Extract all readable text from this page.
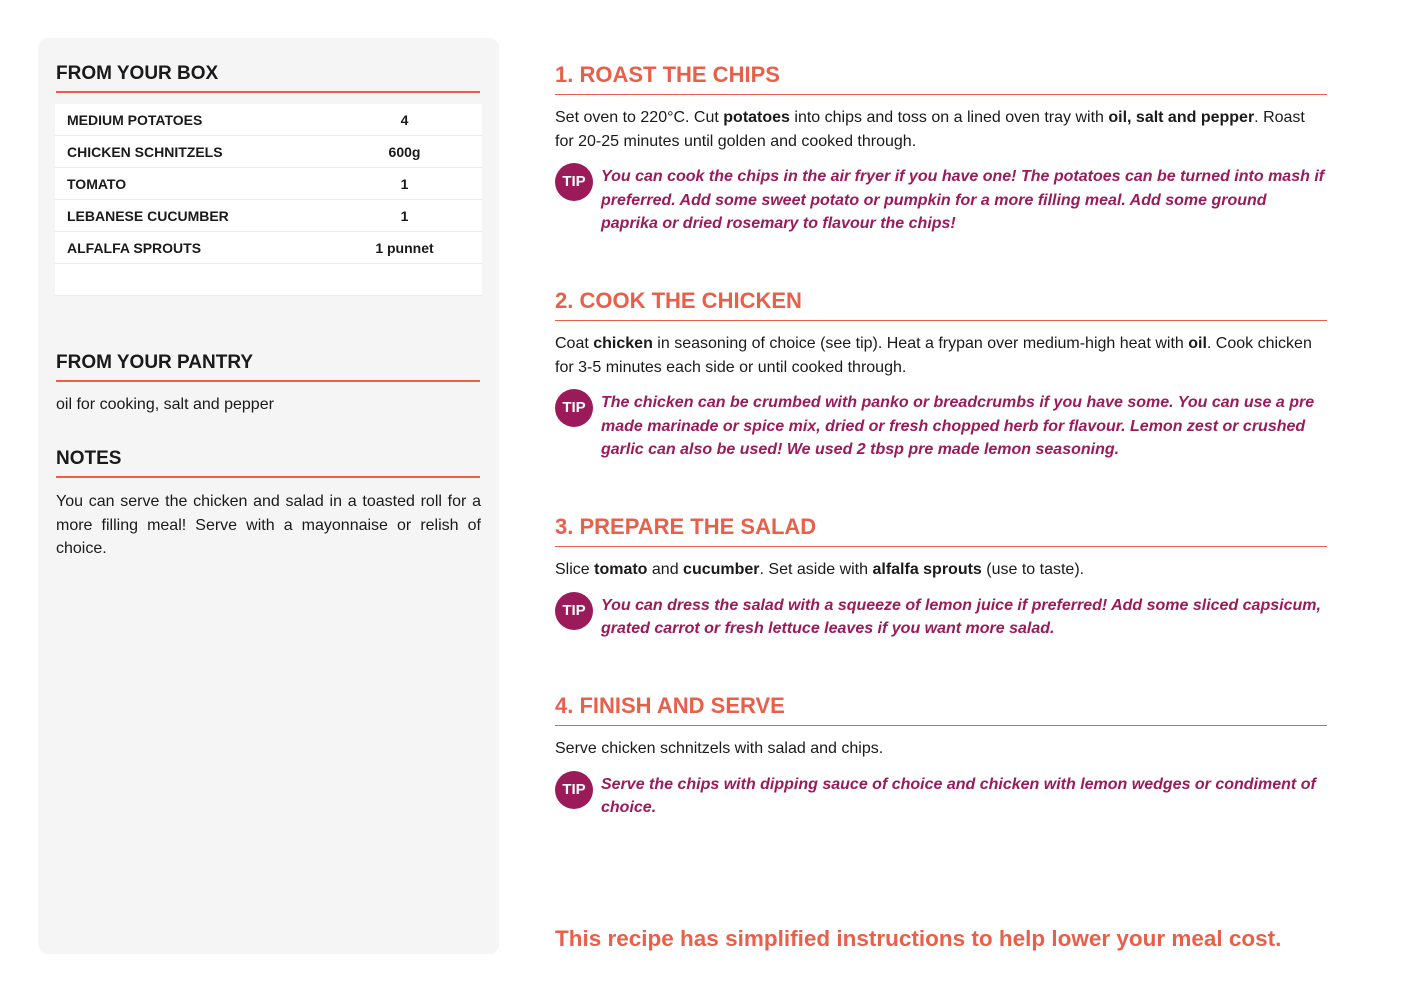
FROM YOUR BOX
MEDIUM POTATOES	4
CHICKEN SCHNITZELS	600g
TOMATO	1
LEBANESE CUCUMBER	1
ALFALFA SPROUTS	1 punnet
FROM YOUR PANTRY
oil for cooking, salt and pepper
NOTES
You can serve the chicken and salad in a toasted roll for a more filling meal! Serve with a mayonnaise or relish of choice.
1. ROAST THE CHIPS
Set oven to 220°C. Cut potatoes into chips and toss on a lined oven tray with oil, salt and pepper. Roast for 20-25 minutes until golden and cooked through.
TIP You can cook the chips in the air fryer if you have one! The potatoes can be turned into mash if preferred. Add some sweet potato or pumpkin for a more filling meal. Add some ground paprika or dried rosemary to flavour the chips!
2. COOK THE CHICKEN
Coat chicken in seasoning of choice (see tip). Heat a frypan over medium-high heat with oil. Cook chicken for 3-5 minutes each side or until cooked through.
TIP The chicken can be crumbed with panko or breadcrumbs if you have some. You can use a pre made marinade or spice mix, dried or fresh chopped herb for flavour. Lemon zest or crushed garlic can also be used! We used 2 tbsp pre made lemon seasoning.
3. PREPARE THE SALAD
Slice tomato and cucumber. Set aside with alfalfa sprouts (use to taste).
TIP You can dress the salad with a squeeze of lemon juice if preferred! Add some sliced capsicum, grated carrot or fresh lettuce leaves if you want more salad.
4. FINISH AND SERVE
Serve chicken schnitzels with salad and chips.
TIP Serve the chips with dipping sauce of choice and chicken with lemon wedges or condiment of choice.
This recipe has simplified instructions to help lower your meal cost.
